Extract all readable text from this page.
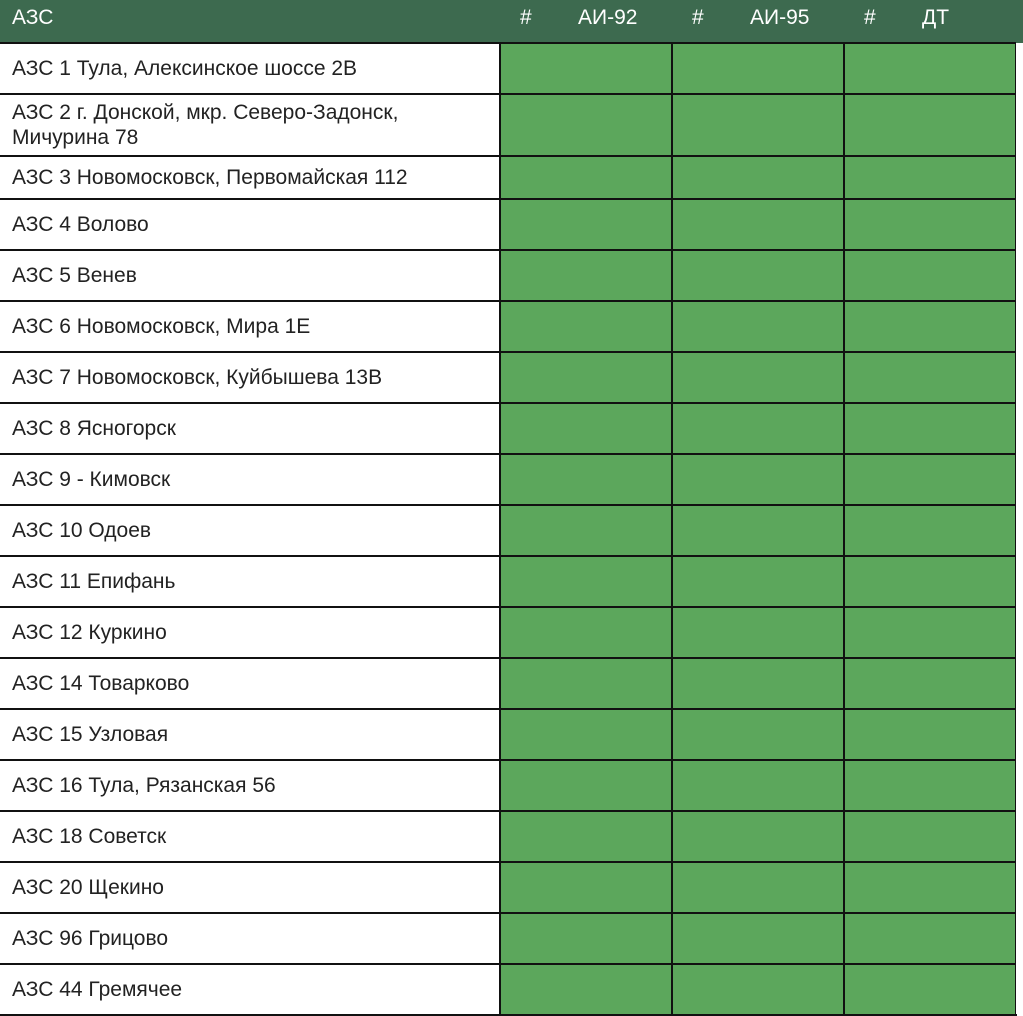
АЗС	# АИ-92	# АИ-95	# ДТ

АЗС 1 Тула, Алексинское шоссе 2В			
АЗС 2 г. Донской, мкр. Северо-Задонск, Мичурина 78			
АЗС 3 Новомосковск, Первомайская 112			
АЗС 4 Волово			
АЗС 5 Венев			
АЗС 6 Новомосковск, Мира 1Е			
АЗС 7 Новомосковск, Куйбышева 13В			
АЗС 8 Ясногорск			
АЗС 9 - Кимовск			
АЗС 10 Одоев			
АЗС 11 Епифань			
АЗС 12 Куркино			
АЗС 14 Товарково			
АЗС 15 Узловая			
АЗС 16 Тула, Рязанская 56			
АЗС 18 Советск			
АЗС 20 Щекино			
АЗС 96 Грицово			
АЗС 44 Гремячее			
